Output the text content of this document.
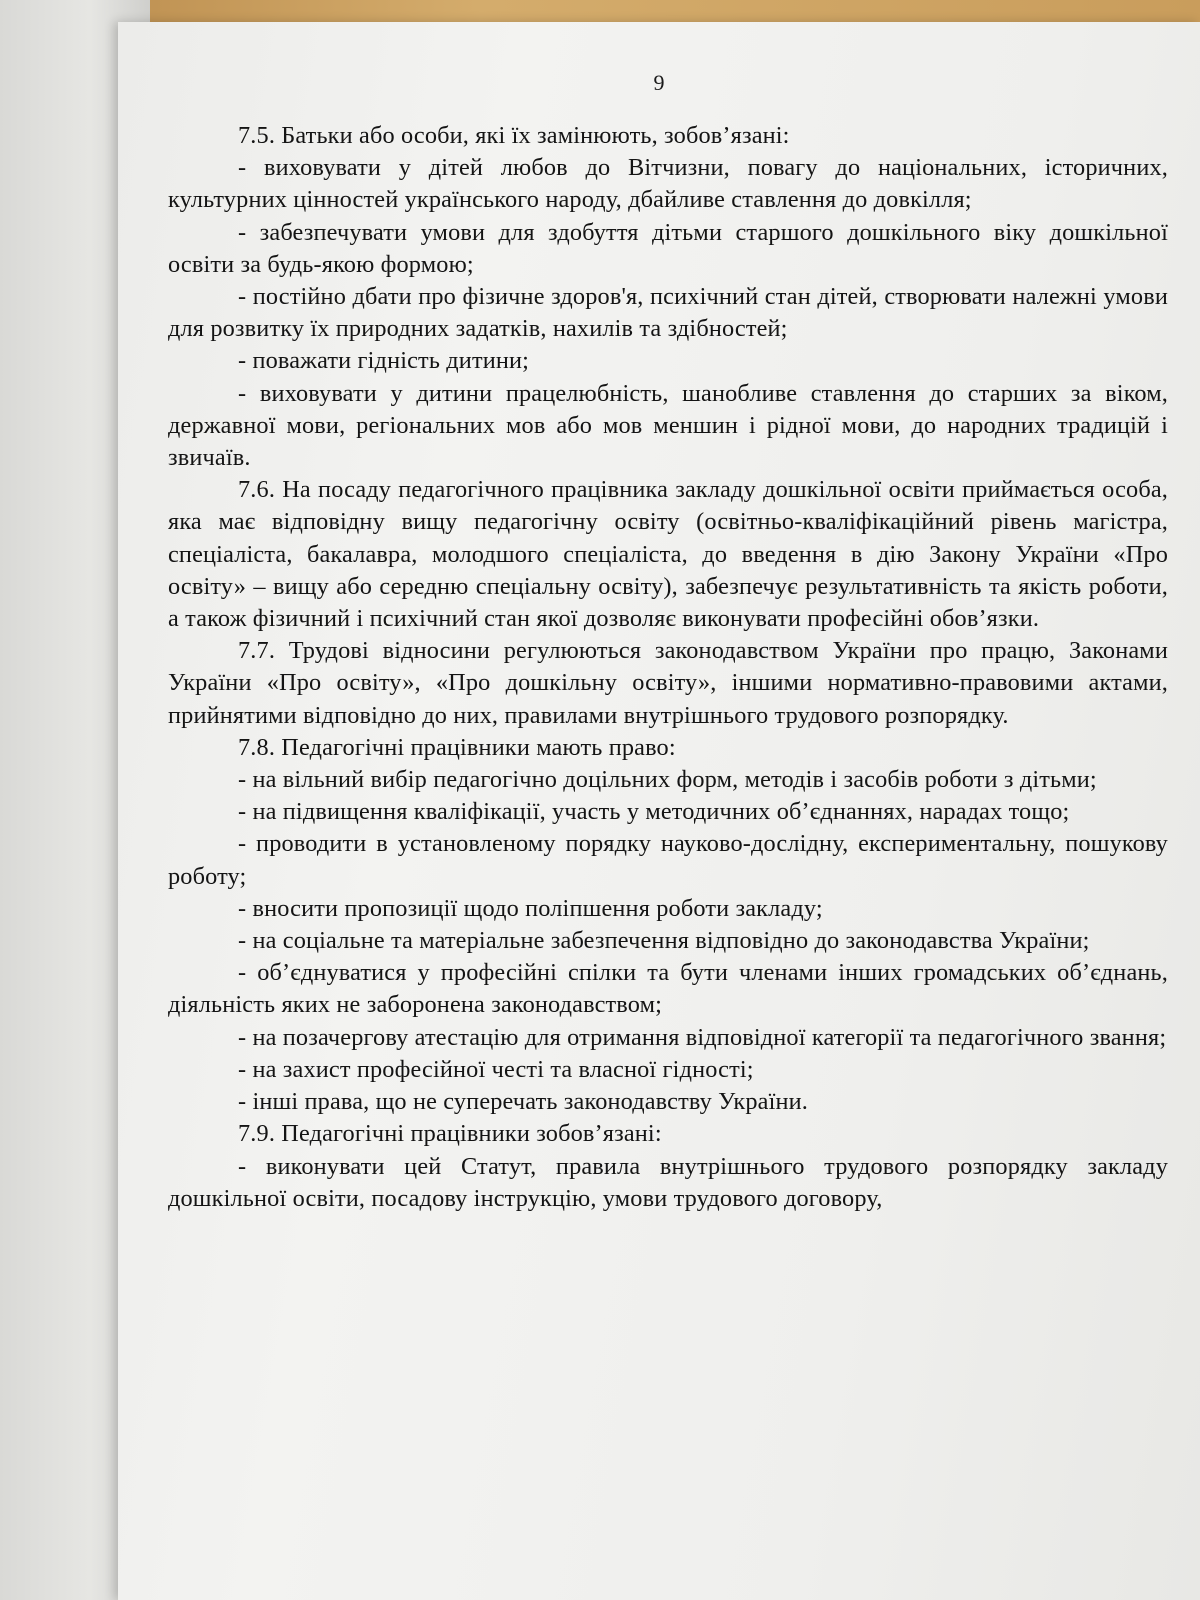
9

7.5. Батьки або особи, які їх замінюють, зобов’язані:

- виховувати у дітей любов до Вітчизни, повагу до національних, історичних, культурних цінностей українського народу, дбайливе ставлення до довкілля;

- забезпечувати умови для здобуття дітьми старшого дошкільного віку дошкільної освіти за будь-якою формою;

- постійно дбати про фізичне здоров'я, психічний стан дітей, створювати належні умови для розвитку їх природних задатків, нахилів та здібностей;

- поважати гідність дитини;

- виховувати у дитини працелюбність, шанобливе ставлення до старших за віком, державної мови, регіональних мов або мов меншин і рідної мови, до народних традицій і звичаїв.

7.6. На посаду педагогічного працівника закладу дошкільної освіти приймається особа, яка має відповідну вищу педагогічну освіту (освітньо-кваліфікаційний рівень магістра, спеціаліста, бакалавра, молодшого спеціаліста, до введення в дію Закону України «Про освіту» – вищу або середню спеціальну освіту), забезпечує результативність та якість роботи, а також фізичний і психічний стан якої дозволяє виконувати професійні обов’язки.

7.7. Трудові відносини регулюються законодавством України про працю, Законами України «Про освіту», «Про дошкільну освіту», іншими нормативно-правовими актами, прийнятими відповідно до них, правилами внутрішнього трудового розпорядку.

7.8. Педагогічні працівники мають право:

- на вільний вибір педагогічно доцільних форм, методів і засобів роботи з дітьми;

- на підвищення кваліфікації, участь у методичних об’єднаннях, нарадах тощо;

- проводити в установленому порядку науково-дослідну, експериментальну, пошукову роботу;

- вносити пропозиції щодо поліпшення роботи закладу;

- на соціальне та матеріальне забезпечення відповідно до законодавства України;

- об’єднуватися у професійні спілки та бути членами інших громадських об’єднань, діяльність яких не заборонена законодавством;

- на позачергову атестацію для отримання відповідної категорії та педагогічного звання;

- на захист професійної честі та власної гідності;

- інші права, що не суперечать законодавству України.

7.9. Педагогічні працівники зобов’язані:

- виконувати цей Статут, правила внутрішнього трудового розпорядку закладу дошкільної освіти, посадову інструкцію, умови трудового договору,
